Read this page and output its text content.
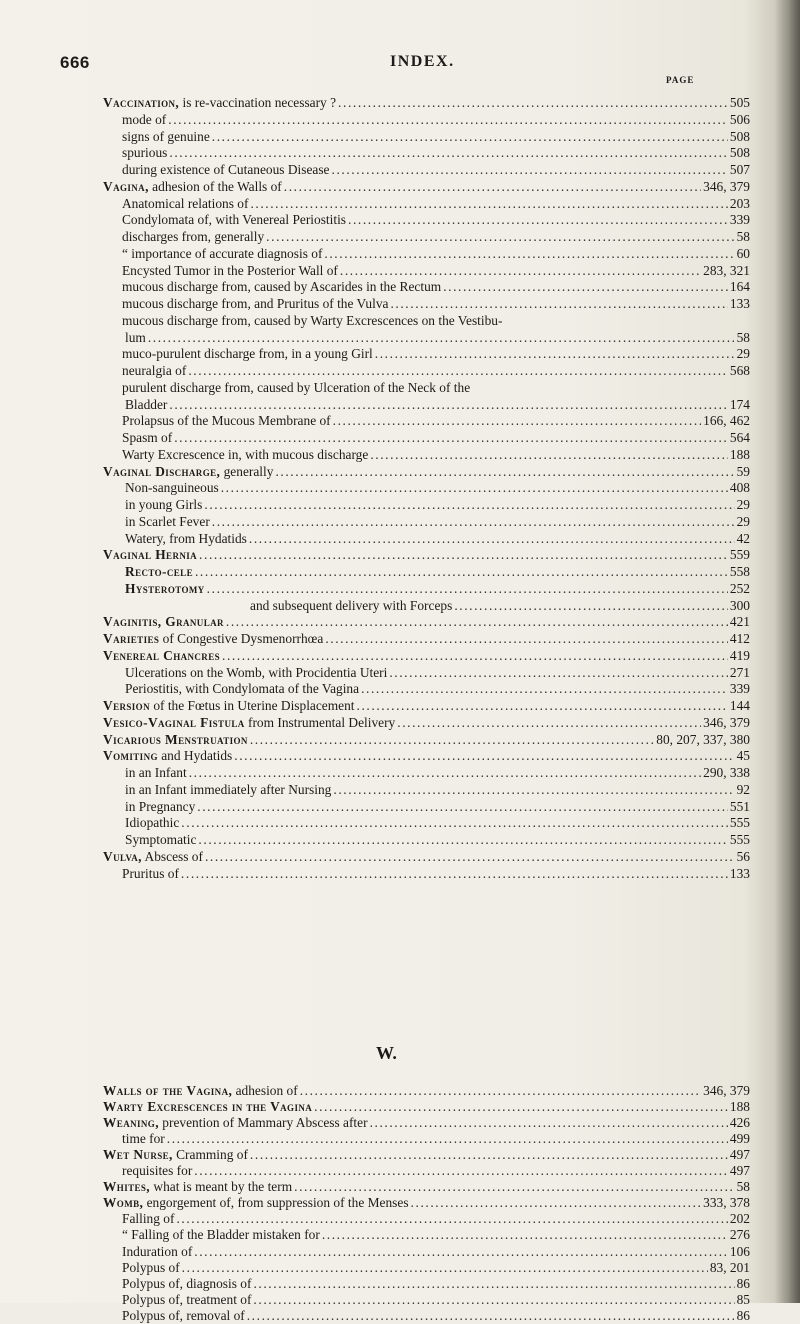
666	INDEX.
PAGE
Vaccination, is re-vaccination necessary ? .....	505
mode of .....	506
signs of genuine .....	508
spurious .....	508
during existence of Cutaneous Disease .....	507
Vagina, adhesion of the Walls of .....	346, 379
Anatomical relations of .....	203
Condylomata of, with Venereal Periostitis .....	339
discharges from, generally .....	58
“ importance of accurate diagnosis of .....	60
Encysted Tumor in the Posterior Wall of .....	283, 321
mucous discharge from, caused by Ascarides in the Rectum .....	164
mucous discharge from, and Pruritus of the Vulva .....	133
mucous discharge from, caused by Warty Excrescences on the Vestibu-
lum .....	58
muco-purulent discharge from, in a young Girl .....	29
neuralgia of .....	568
purulent discharge from, caused by Ulceration of the Neck of the
Bladder .....	174
Prolapsus of the Mucous Membrane of .....	166, 462
Spasm of .....	564
Warty Excrescence in, with mucous discharge .....	188
Vaginal Discharge, generally .....	59
Non-sanguineous .....	408
in young Girls .....	29
in Scarlet Fever .....	29
Watery, from Hydatids .....	42
Vaginal Hernia .....	559
Recto-cele .....	558
Hysterotomy .....	252
and subsequent delivery with Forceps .....	300
Vaginitis, Granular .....	421
Varieties of Congestive Dysmenorrhœa .....	412
Venereal Chancres .....	419
Ulcerations on the Womb, with Procidentia Uteri .....	271
Periostitis, with Condylomata of the Vagina .....	339
Version of the Fœtus in Uterine Displacement .....	144
Vesico-Vaginal Fistula from Instrumental Delivery .....	346, 379
Vicarious Menstruation .....	80, 207, 337, 380
Vomiting and Hydatids .....	45
in an Infant .....	290, 338
in an Infant immediately after Nursing .....	92
in Pregnancy .....	551
Idiopathic .....	555
Symptomatic .....	555
Vulva, Abscess of .....	56
Pruritus of .....	133
Walls of the Vagina, adhesion of .....	346, 379
Warty Excrescences in the Vagina .....	188
Weaning, prevention of Mammary Abscess after .....	426
time for .....	499
Wet Nurse, Cramming of .....	497
requisites for .....	497
Whites, what is meant by the term .....	58
Womb, engorgement of, from suppression of the Menses .....	333, 378
Falling of .....	202
“ Falling of the Bladder mistaken for .....	276
Induration of .....	106
Polypus of .....	83, 201
Polypus of, diagnosis of .....	86
Polypus of, treatment of .....	85
Polypus of, removal of .....	86
W.
